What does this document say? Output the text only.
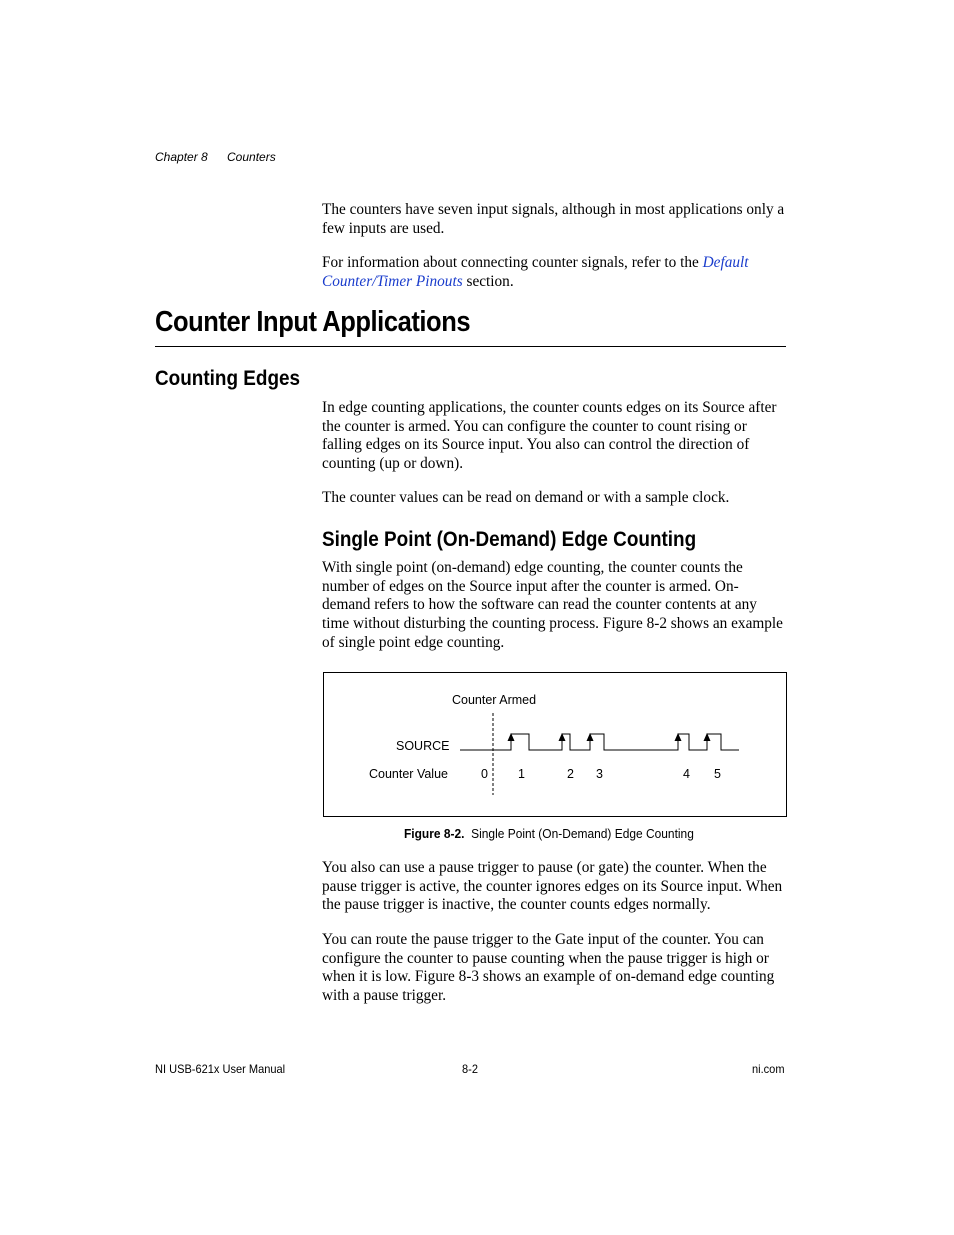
Chapter 8 Counters
The counters have seven input signals, although in most applications only a few inputs are used.
For information about connecting counter signals, refer to the Default Counter/Timer Pinouts section.
Counter Input Applications
Counting Edges
In edge counting applications, the counter counts edges on its Source after the counter is armed. You can configure the counter to count rising or falling edges on its Source input. You also can control the direction of counting (up or down).
The counter values can be read on demand or with a sample clock.
Single Point (On-Demand) Edge Counting
With single point (on-demand) edge counting, the counter counts the number of edges on the Source input after the counter is armed. On-demand refers to how the software can read the counter contents at any time without disturbing the counting process. Figure 8-2 shows an example of single point edge counting.
Counter Armed
SOURCE
Counter Value	0 1	2 3	4 5
Figure 8-2. Single Point (On-Demand) Edge Counting
You also can use a pause trigger to pause (or gate) the counter. When the pause trigger is active, the counter ignores edges on its Source input. When the pause trigger is inactive, the counter counts edges normally.
You can route the pause trigger to the Gate input of the counter. You can configure the counter to pause counting when the pause trigger is high or when it is low. Figure 8-3 shows an example of on-demand edge counting with a pause trigger.
NI USB-621x User Manual	8-2	ni.com
